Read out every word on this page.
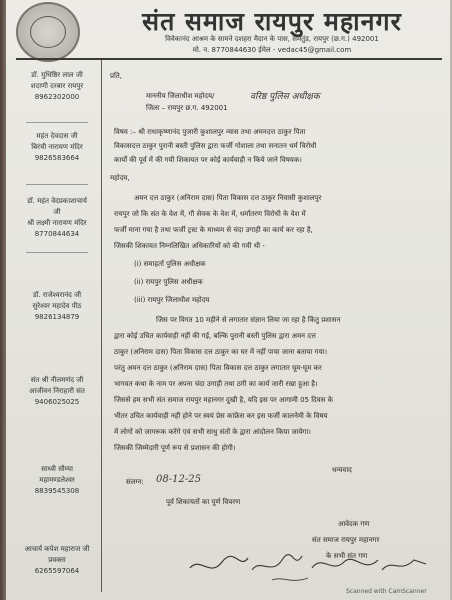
संत समाज रायपुर महानगर
विवेकानंद आश्रम के सामने दशहरा मैदान के पास, समतुंड, रायपुर (छ.ग.) 492001
मो. न. 8770844630 ईमेल - vedac45@gmail.com
डॉ. युधिष्ठिर लाल जी
शदाणी दरबार रायपुर
8962302000
महंत देवदास जी
बिरंची नारायण मंदिर
9826583664
डॉ. महंत वेदप्रकाशाचार्य
जी
श्री लक्ष्मी नारायण मंदिर
8770844634
डॉ. राजेश्वरानंद जी
सुरेश्वर महादेव पीठ
9826134879
संत श्री नीलमणंद जी
आजीवन निराहारी संत
9406025025
साध्वी सौम्या
महामण्डलेश्वर
8839545308
आचार्य कपेश महाराज जी
प्रवक्ता
6265597064
प्रति,
माननीय जिलाधीश महोदय/	वरिष्ठ पुलिस अधीक्षक
जिला – रायपुर छ.ग. 492001
विषय :– श्री राधाकृष्णानंद पुजारी कुशालपुर न्यास तथा अमनदत्त ठाकुर पिता
विकासदत्त ठाकुर पुरानी बस्ती पुलिस द्वारा फर्जी गोशाला तथा सनातन धर्म विरोधी
कार्यों की पूर्व में की गयी शिकायत पर कोई कार्यवाही न किये जाने विषयक।
महोदय,
अमन दत्त ठाकुर (अनिराम दास) पिता विकास दत्त ठाकुर निवासी कुशालपुर
रायपुर जो कि संत के वेश में, गौ सेवक के वेश में, धर्मांतरण विरोधी के वेश में
फर्जी माना गया है तथा फर्जी ट्रस्ट के माध्यम से चंदा उगाही का कार्य कर रहा है,
जिसकी शिकायत निम्नलिखित अधिकारियों को की गयी थी -
(i) समाहर्ता पुलिस अधीक्षक
(ii) रायपुर पुलिस अधीक्षक
(iii) रायपुर जिलाधीश महोदय
जिस पर विगत 10 महीने से लगातार संज्ञान लिया जा रहा है किंतु प्रशासन
द्वारा कोई उचित कार्यवाही नहीं की गई, बल्कि पुरानी बस्ती पुलिस द्वारा अमन दत्त
ठाकुर (अनिराम दास) पिता विकास दत्त ठाकुर का घर में नहीं पाया जाना बताया गया।
परंतु अमन दत्त ठाकुर (अनिराम दास) पिता विकास दत्त ठाकुर लगातार घूम-घूम कर
भागवत कथा के नाम पर अपना चंदा उगाही तथा ठगी का कार्य जारी रखा हुआ है।
जिससे हम सभी संत समाज रायपुर महानगर दुखी है, यदि इस पर आगामी 05 दिवस के
भीतर उचित कार्यवाही नहीं होने पर स्वयं प्रेस कांफ्रेंस कर इस फर्जी कालनेमी के विषय
में लोगों को जागरूक करेंगे एवं सभी साधु संतों के द्वारा आंदोलन किया जायेगा।
जिसकी जिम्मेदारी पूर्ण रूप से प्रशासन की होगी।
धन्यवाद
संलग्न: 08-12-25
पूर्व शिकायतों का पूर्ण विवरण
आवेदक गण
संत समाज रायपुर महानगर
के सभी संत गण
Scanned with CamScanner
